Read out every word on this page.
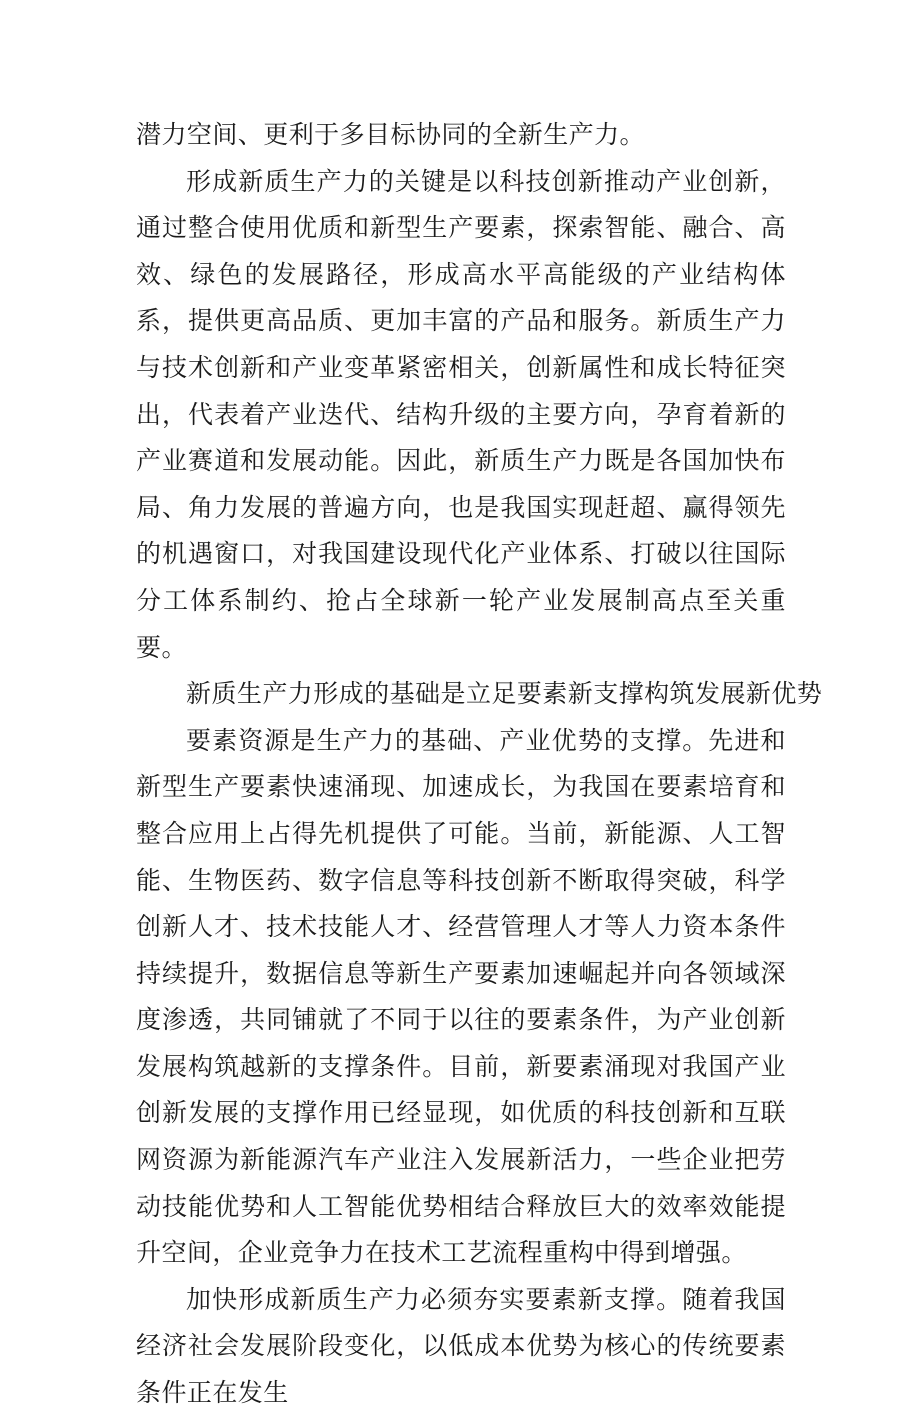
潜力空间、更利于多目标协同的全新生产力。

形成新质生产力的关键是以科技创新推动产业创新，通过整合使用优质和新型生产要素，探索智能、融合、高效、绿色的发展路径，形成高水平高能级的产业结构体系，提供更高品质、更加丰富的产品和服务。新质生产力与技术创新和产业变革紧密相关，创新属性和成长特征突出，代表着产业迭代、结构升级的主要方向，孕育着新的产业赛道和发展动能。因此，新质生产力既是各国加快布局、角力发展的普遍方向，也是我国实现赶超、赢得领先的机遇窗口，对我国建设现代化产业体系、打破以往国际分工体系制约、抢占全球新一轮产业发展制高点至关重要。

新质生产力形成的基础是立足要素新支撑构筑发展新优势

要素资源是生产力的基础、产业优势的支撑。先进和新型生产要素快速涌现、加速成长，为我国在要素培育和整合应用上占得先机提供了可能。当前，新能源、人工智能、生物医药、数字信息等科技创新不断取得突破，科学创新人才、技术技能人才、经营管理人才等人力资本条件持续提升，数据信息等新生产要素加速崛起并向各领域深度渗透，共同铺就了不同于以往的要素条件，为产业创新发展构筑越新的支撑条件。目前，新要素涌现对我国产业创新发展的支撑作用已经显现，如优质的科技创新和互联网资源为新能源汽车产业注入发展新活力，一些企业把劳动技能优势和人工智能优势相结合释放巨大的效率效能提升空间，企业竞争力在技术工艺流程重构中得到增强。

加快形成新质生产力必须夯实要素新支撑。随着我国经济社会发展阶段变化，以低成本优势为核心的传统要素条件正在发生
